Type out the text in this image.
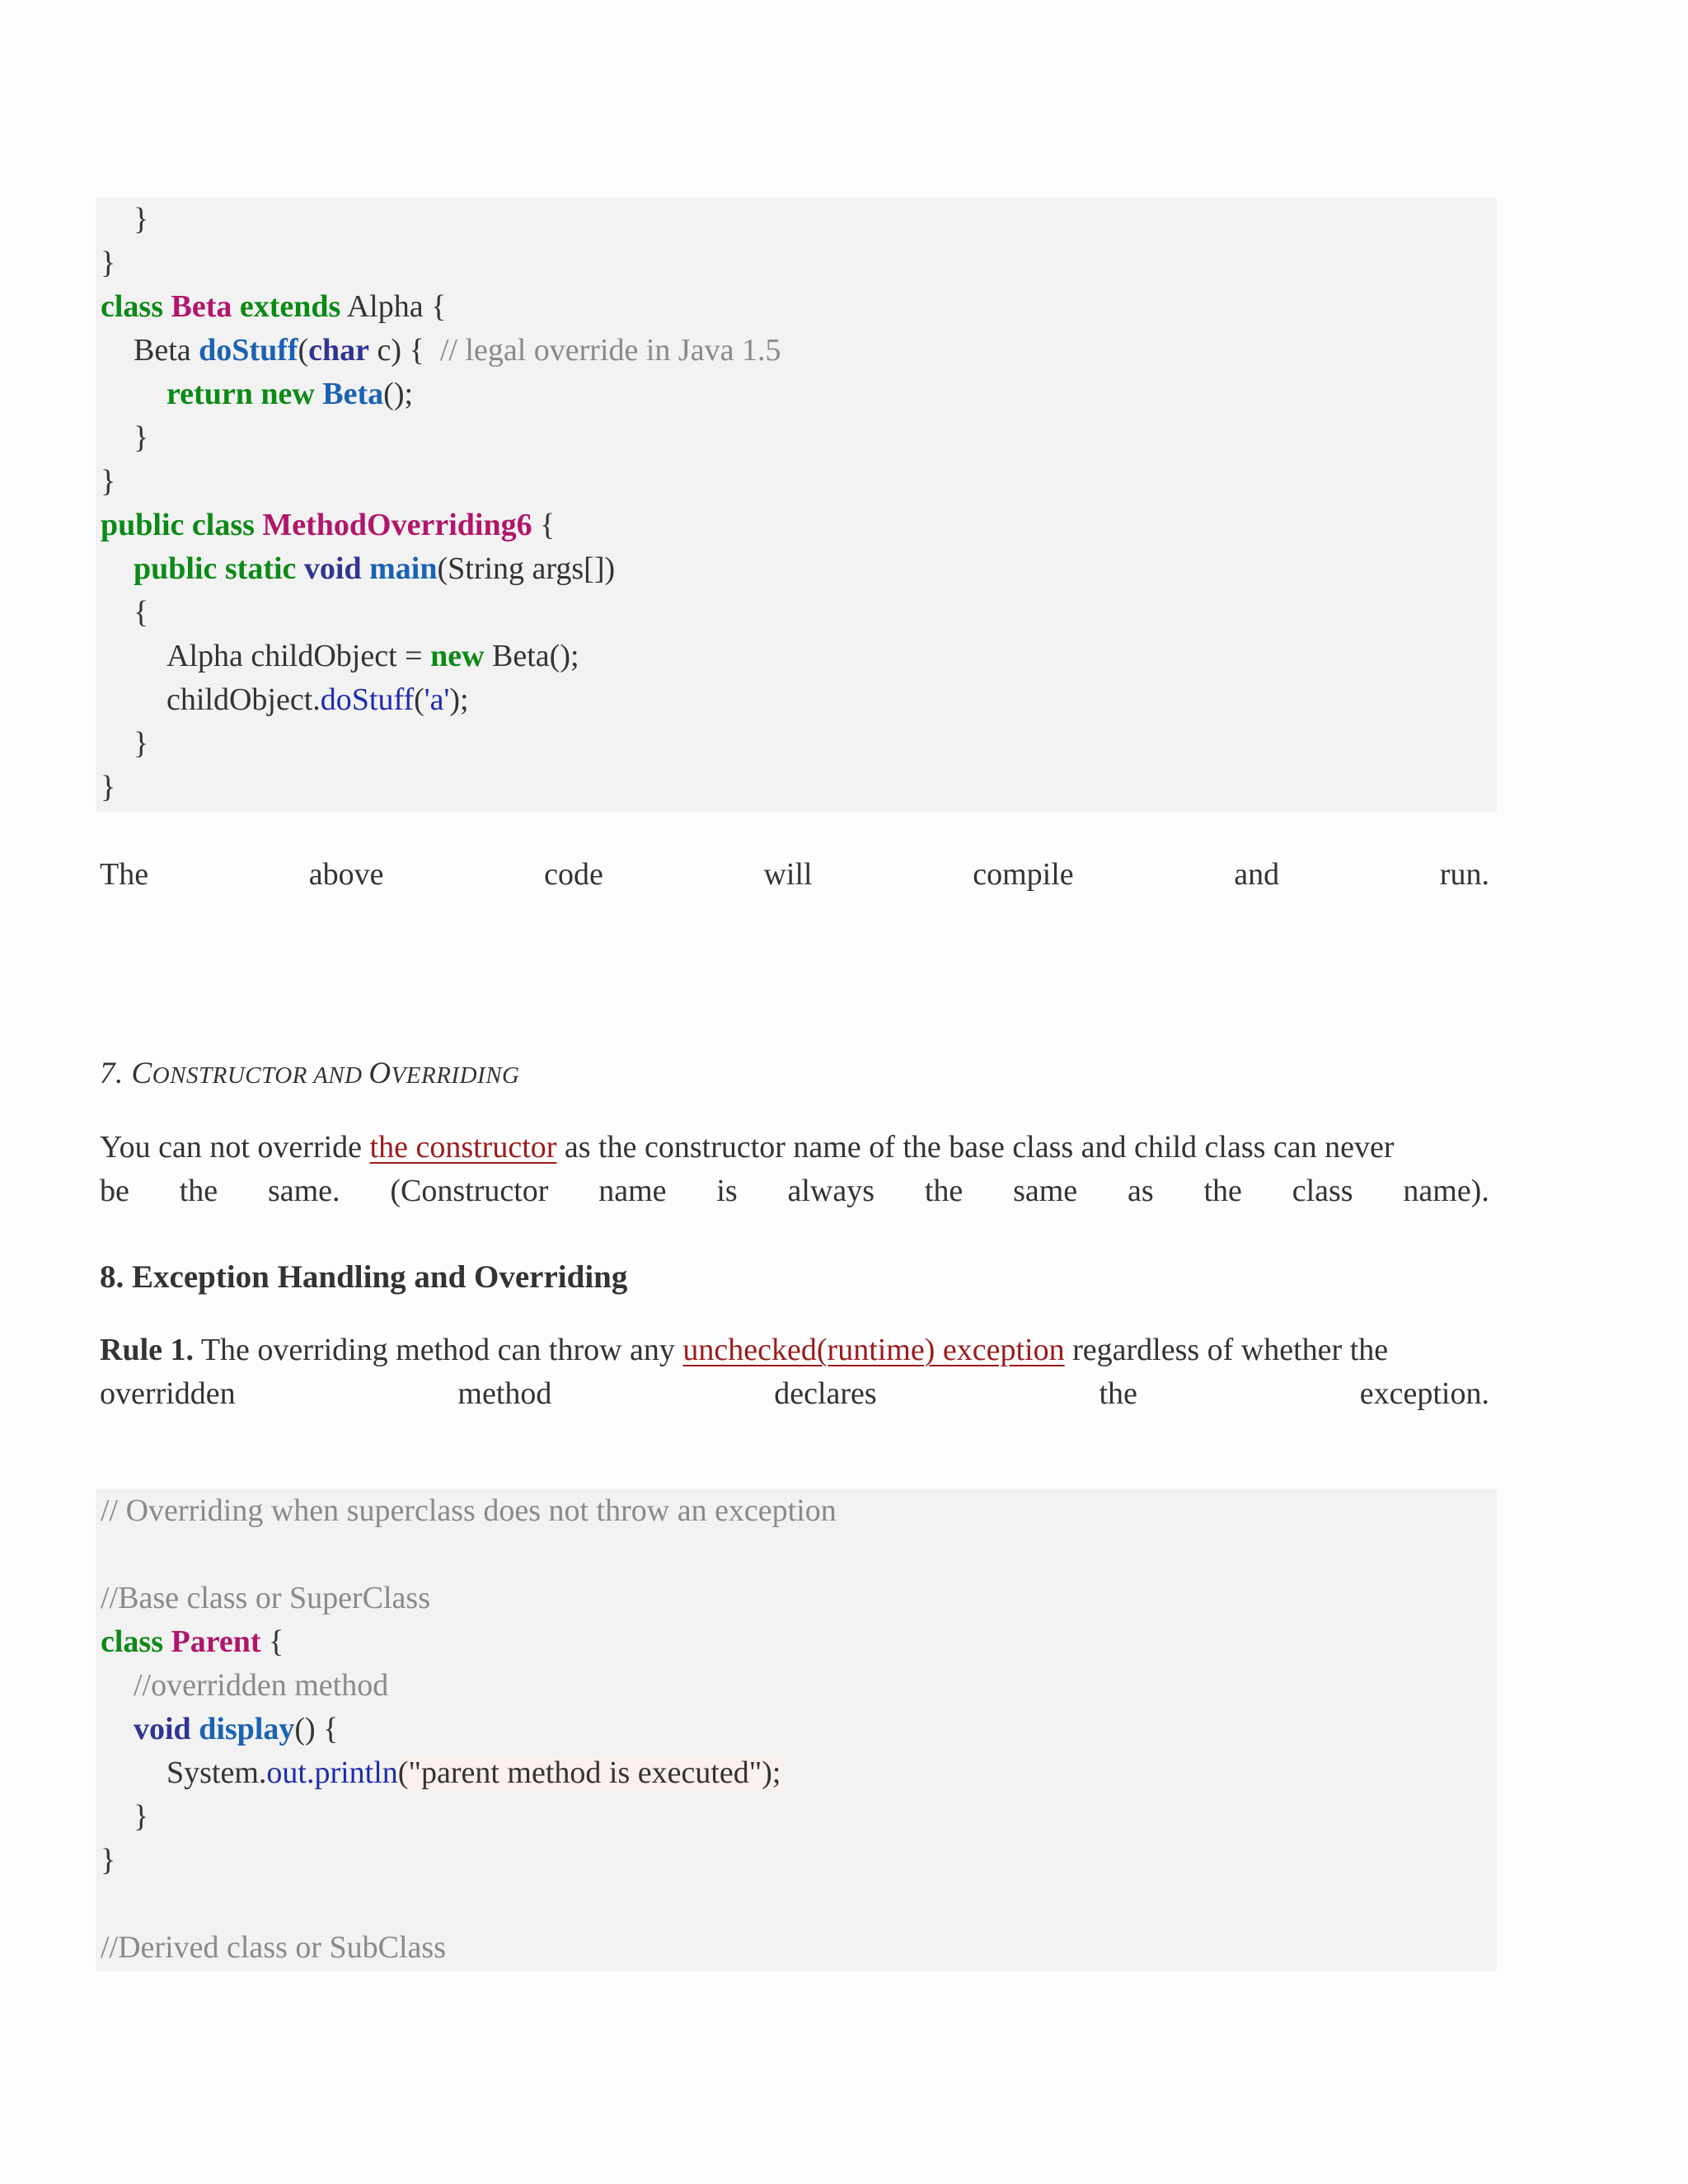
}
}
class Beta extends Alpha {
Beta doStuff(char c) {  // legal override in Java 1.5
return new Beta();
}
}
public class MethodOverriding6 {
public static void main(String args[])
{
Alpha childObject = new Beta();
childObject.doStuff('a');
}
}
The	above	code	will	compile	and	run.
7. CONSTRUCTOR AND OVERRIDING
You can not override the constructor as the constructor name of the base class and child class can never
be the same. (Constructor name is always the same as the class name).
8. Exception Handling and Overriding
Rule 1. The overriding method can throw any unchecked(runtime) exception regardless of whether the
overridden	method	declares	the	exception.
// Overriding when superclass does not throw an exception
//Base class or SuperClass
class Parent {
//overridden method
void display() {
System.out.println("parent method is executed");
}
}
//Derived class or SubClass
